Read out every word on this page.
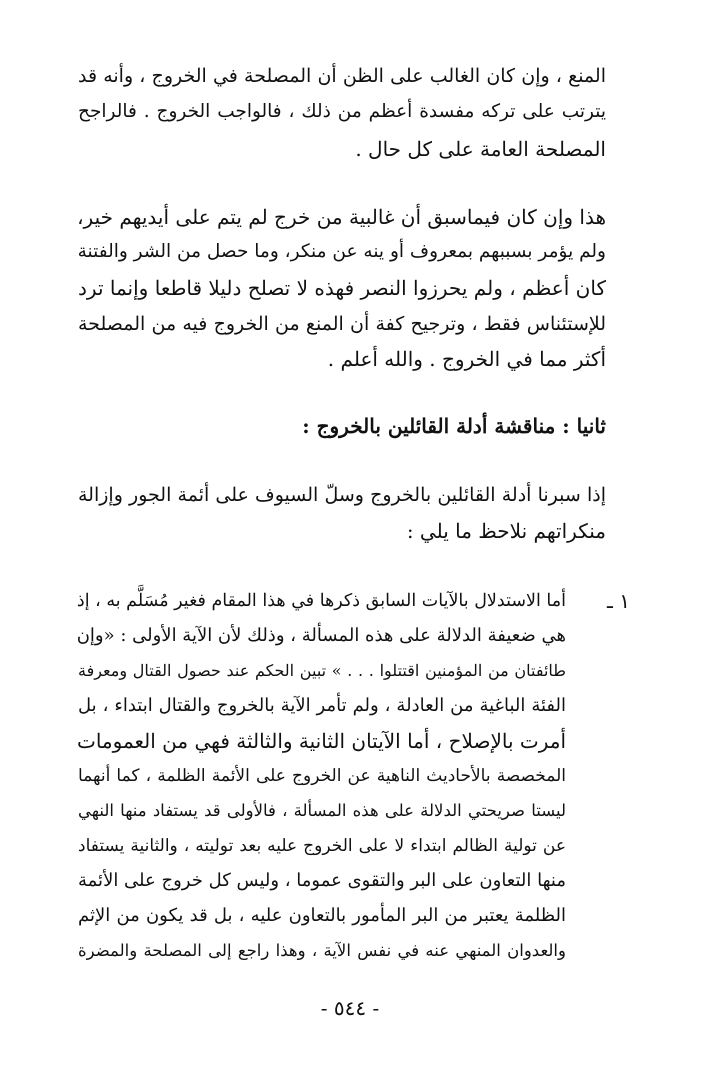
المنع ، وإن كان الغالب على الظن أن المصلحة في الخروج ، وأنه قد
يترتب على تركه مفسدة أعظم من ذلك ، فالواجب الخروج . فالراجح
المصلحة العامة على كل حال .
هذا وإن كان فيماسبق أن غالبية من خرج لم يتم على أيديهم خير،
ولم يؤمر بسببهم بمعروف أو ينه عن منكر، وما حصل من الشر والفتنة
كان أعظم ، ولم يحرزوا النصر فهذه لا تصلح دليلا قاطعا وإنما ترد
للإستئناس فقط ، وترجيح كفة أن المنع من الخروج فيه من المصلحة
أكثر مما في الخروج . والله أعلم .
ثانيا : مناقشة أدلة القائلين بالخروج :
إذا سبرنا أدلة القائلين بالخروج وسلّ السيوف على أئمة الجور وإزالة
منكراتهم نلاحظ ما يلي :
١ ـ
أما الاستدلال بالآيات السابق ذكرها في هذا المقام فغير مُسَلَّم به ، إذ
هي ضعيفة الدلالة على هذه المسألة ، وذلك لأن الآية الأولى : «وإن
طائفتان من المؤمنين اقتتلوا . . . » تبين الحكم عند حصول القتال ومعرفة
الفئة الباغية من العادلة ، ولم تأمر الآية بالخروج والقتال ابتداء ، بل
أمرت بالإصلاح ، أما الآيتان الثانية والثالثة فهي من العمومات
المخصصة بالأحاديث الناهية عن الخروج على الأئمة الظلمة ، كما أنهما
ليستا صريحتي الدلالة على هذه المسألة ، فالأولى قد يستفاد منها النهي
عن تولية الظالم ابتداء لا على الخروج عليه بعد توليته ، والثانية يستفاد
منها التعاون على البر والتقوى عموما ، وليس كل خروج على الأئمة
الظلمة يعتبر من البر المأمور بالتعاون عليه ، بل قد يكون من الإثم
والعدوان المنهي عنه في نفس الآية ، وهذا راجع إلى المصلحة والمضرة
- ٥٤٤ -
